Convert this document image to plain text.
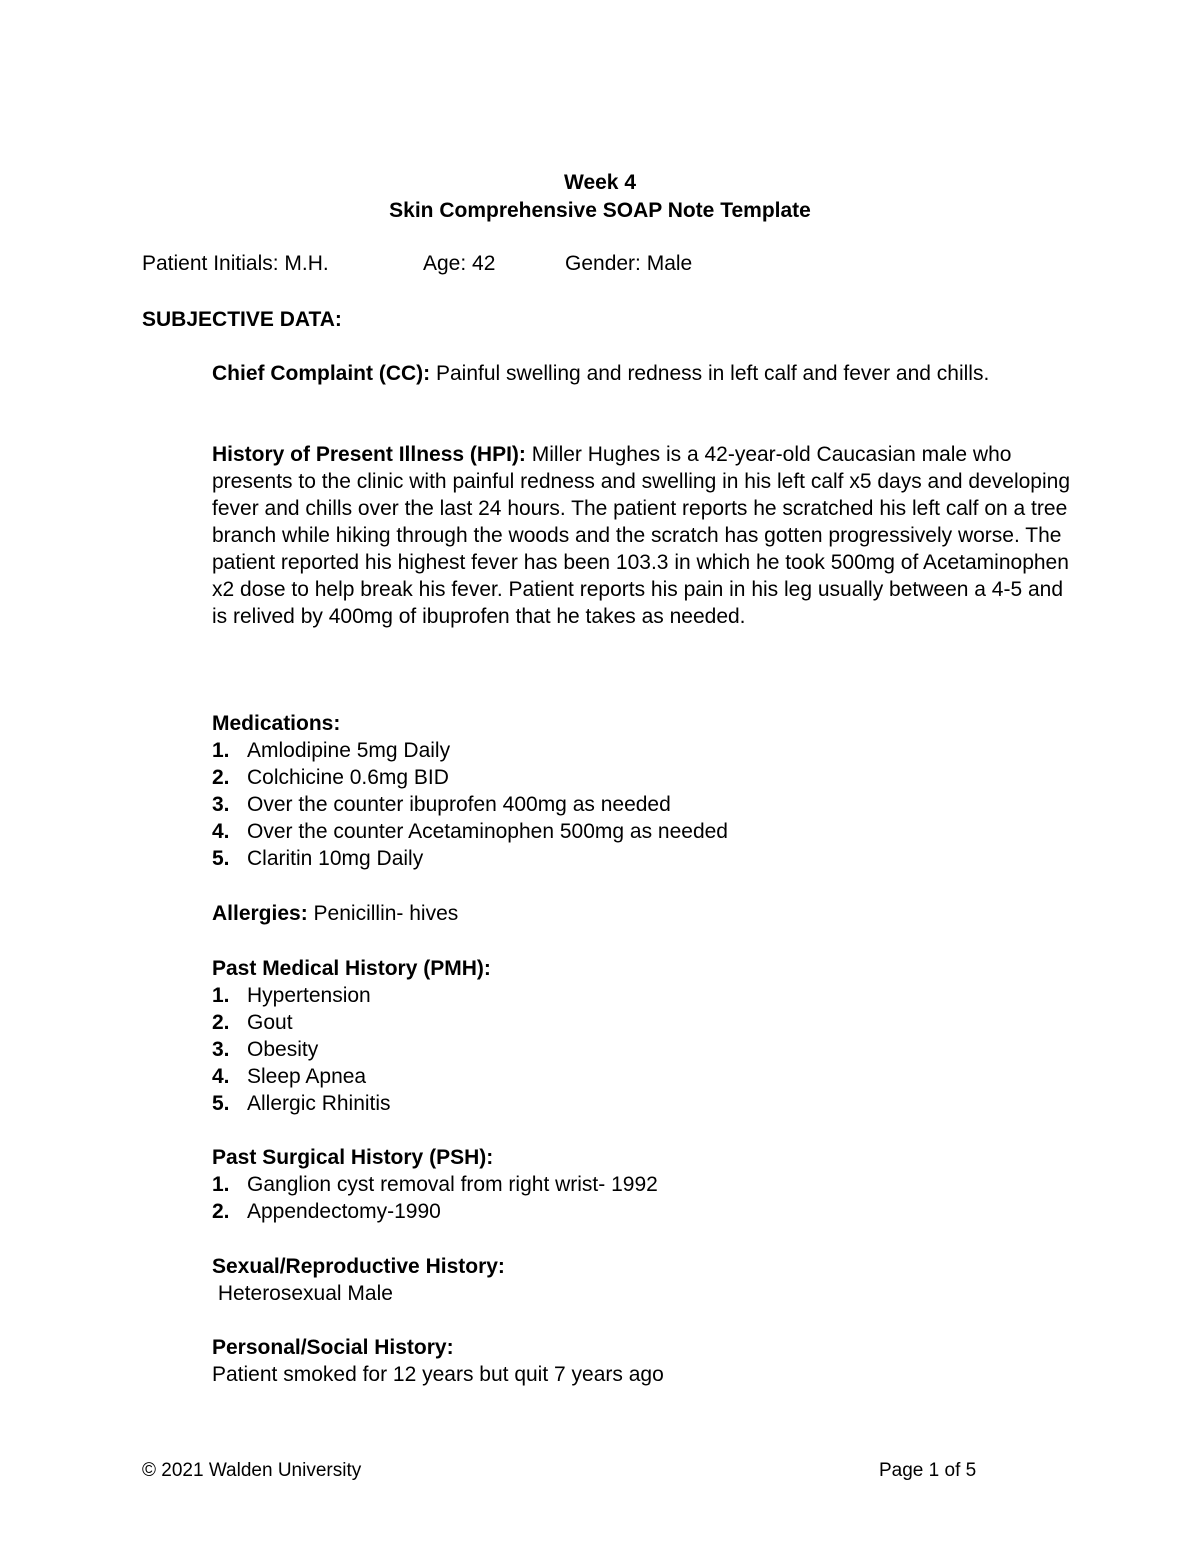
Week 4
Skin Comprehensive SOAP Note Template
Patient Initials: M.H.	Age: 42	Gender: Male
SUBJECTIVE DATA:
Chief Complaint (CC): Painful swelling and redness in left calf and fever and chills.
History of Present Illness (HPI): Miller Hughes is a 42-year-old Caucasian male who presents to the clinic with painful redness and swelling in his left calf x5 days and developing fever and chills over the last 24 hours. The patient reports he scratched his left calf on a tree branch while hiking through the woods and the scratch has gotten progressively worse. The patient reported his highest fever has been 103.3 in which he took 500mg of Acetaminophen x2 dose to help break his fever. Patient reports his pain in his leg usually between a 4-5 and is relived by 400mg of ibuprofen that he takes as needed.
Medications:
1. Amlodipine 5mg Daily
2. Colchicine 0.6mg BID
3. Over the counter ibuprofen 400mg as needed
4. Over the counter Acetaminophen 500mg as needed
5. Claritin 10mg Daily
Allergies: Penicillin- hives
Past Medical History (PMH):
1. Hypertension
2. Gout
3. Obesity
4. Sleep Apnea
5. Allergic Rhinitis
Past Surgical History (PSH):
1. Ganglion cyst removal from right wrist- 1992
2. Appendectomy-1990
Sexual/Reproductive History:
Heterosexual Male
Personal/Social History:
Patient smoked for 12 years but quit 7 years ago
© 2021 Walden University	Page 1 of 5
